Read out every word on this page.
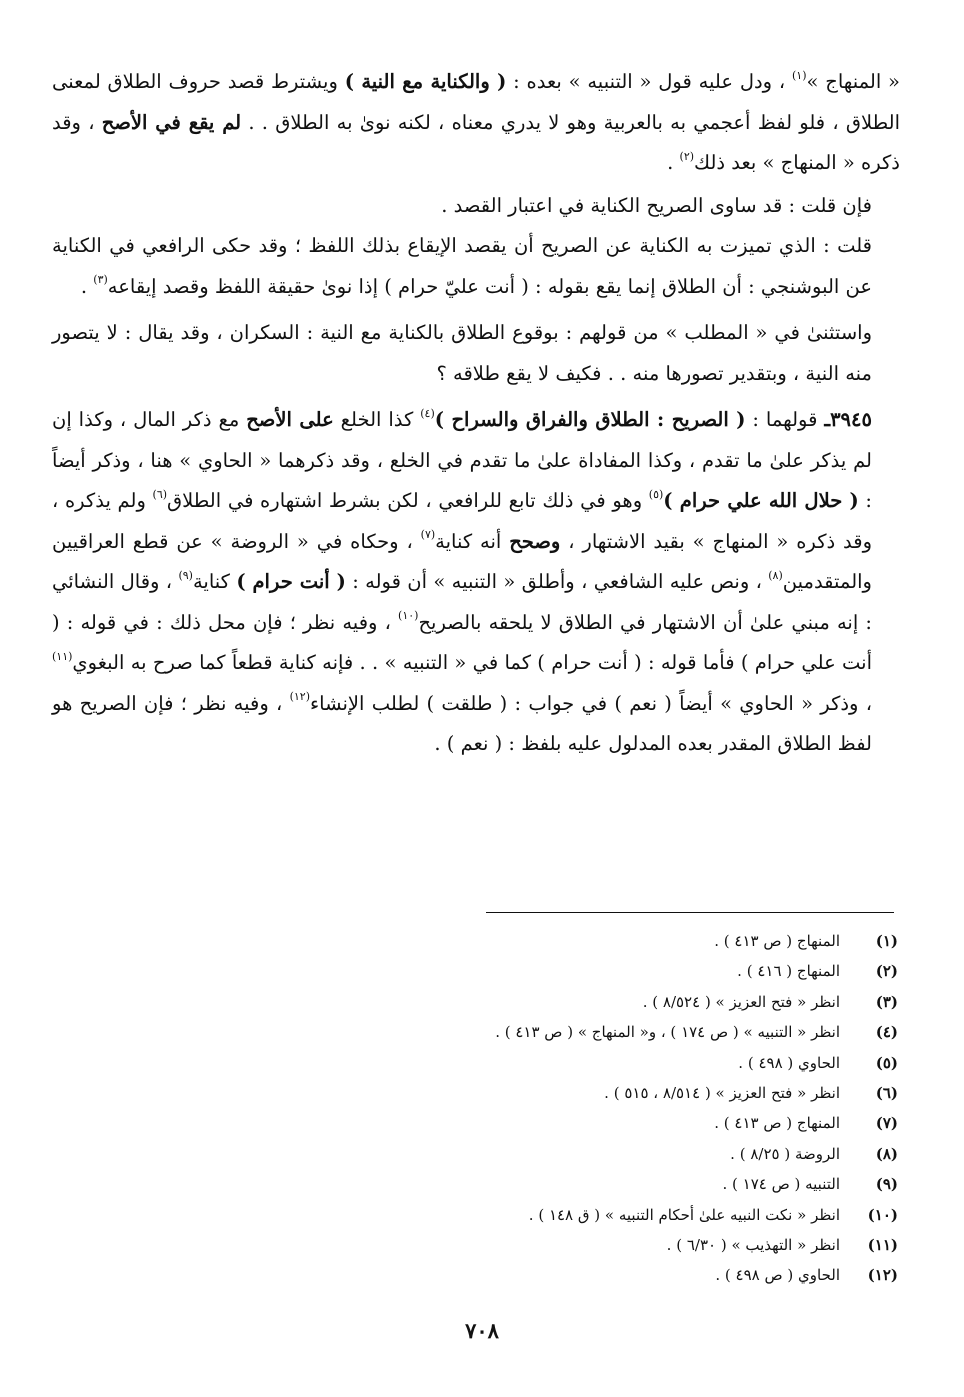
« المنهاج »$^{(١)}$ ، ودل عليه قول « التنبيه » بعده : ( والكناية مع النية ) ويشترط قصد حروف الطلاق لمعنى الطلاق ، فلو لفظ أعجمي به بالعربية وهو لا يدري معناه ، لكنه نوىٰ به الطلاق . . لم يقع في الأصح ، وقد ذكره « المنهاج » بعد ذلك$^{(٢)}$ .

فإن قلت : قد ساوى الصريح الكناية في اعتبار القصد .

قلت : الذي تميزت به الكناية عن الصريح أن يقصد الإيقاع بذلك اللفظ ؛ وقد حكى الرافعي في الكناية عن البوشنجي : أن الطلاق إنما يقع بقوله : ( أنت عليّ حرام ) إذا نوىٰ حقيقة اللفظ وقصد إيقاعه$^{(٣)}$ .

واستثنىٰ في « المطلب » من قولهم : بوقوع الطلاق بالكناية مع النية : السكران ، وقد يقال : لا يتصور منه النية ، وبتقدير تصورها منه . . فكيف لا يقع طلاقه ؟

٣٩٤٥ـ قولهما : ( الصريح : الطلاق والفراق والسراح )$^{(٤)}$ كذا الخلع على الأصح مع ذكر المال ، وكذا إن لم يذكر علىٰ ما تقدم ، وكذا المفاداة علىٰ ما تقدم في الخلع ، وقد ذكرهما « الحاوي » هنا ، وذكر أيضاً : ( حلال الله علي حرام )$^{(٥)}$ وهو في ذلك تابع للرافعي ، لكن بشرط اشتهاره في الطلاق$^{(٦)}$ ولم يذكره ، وقد ذكره « المنهاج » بقيد الاشتهار ، وصحح أنه كناية$^{(٧)}$ ، وحكاه في « الروضة » عن قطع العراقيين والمتقدمين$^{(٨)}$ ، ونص عليه الشافعي ، وأطلق « التنبيه » أن قوله : ( أنت حرام ) كناية$^{(٩)}$ ، وقال النشائي : إنه مبني علىٰ أن الاشتهار في الطلاق لا يلحقه بالصريح$^{(١٠)}$ ، وفيه نظر ؛ فإن محل ذلك : في قوله : ( أنت علي حرام ) فأما قوله : ( أنت حرام ) كما في « التنبيه » . . فإنه كناية قطعاً كما صرح به البغوي$^{(١١)}$ ، وذكر « الحاوي » أيضاً ( نعم ) في جواب : ( طلقت ) لطلب الإنشاء$^{(١٢)}$ ، وفيه نظر ؛ فإن الصريح هو لفظ الطلاق المقدر بعده المدلول عليه بلفظ : ( نعم ) .

(١)
المنهاج ( ص ٤١٣ ) .
(٢)
المنهاج ( ٤١٦ ) .
(٣)
انظر « فتح العزيز » ( ٨/٥٢٤ ) .
(٤)
انظر « التنبيه » ( ص ١٧٤ ) ، و« المنهاج » ( ص ٤١٣ ) .
(٥)
الحاوي ( ٤٩٨ ) .
(٦)
انظر « فتح العزيز » ( ٨/٥١٤ ، ٥١٥ ) .
(٧)
المنهاج ( ص ٤١٣ ) .
(٨)
الروضة ( ٨/٢٥ ) .
(٩)
التنبيه ( ص ١٧٤ ) .
(١٠)
انظر « نكت النبيه علىٰ أحكام التنبيه » ( ق ١٤٨ ) .
(١١)
انظر « التهذيب » ( ٦/٣٠ ) .
(١٢)
الحاوي ( ص ٤٩٨ ) .
٧٠٨
